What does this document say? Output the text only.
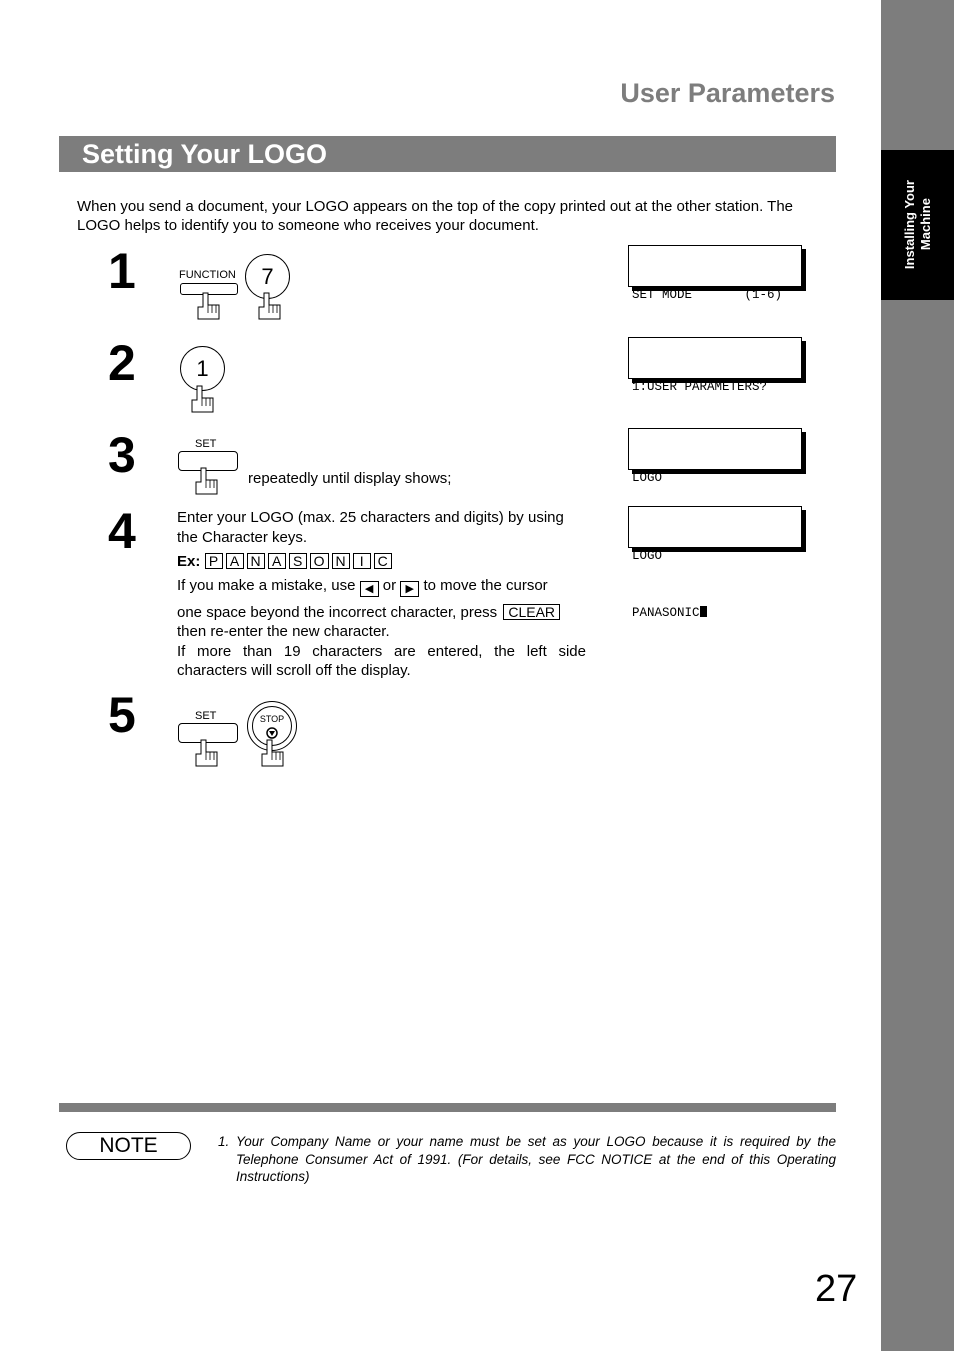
Installing Your
Machine
User Parameters
Setting Your LOGO
When you send a document, your LOGO appears on the top of the copy printed out at the other station. The LOGO helps to identify you to someone who receives your document.
1	FUNCTION 7

SET MODE       (1-6)

2	1

1:USER PARAMETERS?

3	SET
repeatedly until display shows;

	LOGO

4	Enter your LOGO (max. 25 characters and digits) by using the Character keys.

Ex: P A N A S O N I C

If you make a mistake, use ◀ or ▶ to move the cursor

one space beyond the incorrect character, press CLEAR

then re-enter the new character.

If more than 19 characters are entered, the left side characters will scroll off the display.

LOGO

PANASONIC

5	SET	STOP
NOTE	1. Your Company Name or your name must be set as your LOGO because it is required by the Telephone Consumer Act of 1991. (For details, see FCC NOTICE at the end of this Operating Instructions)
27
